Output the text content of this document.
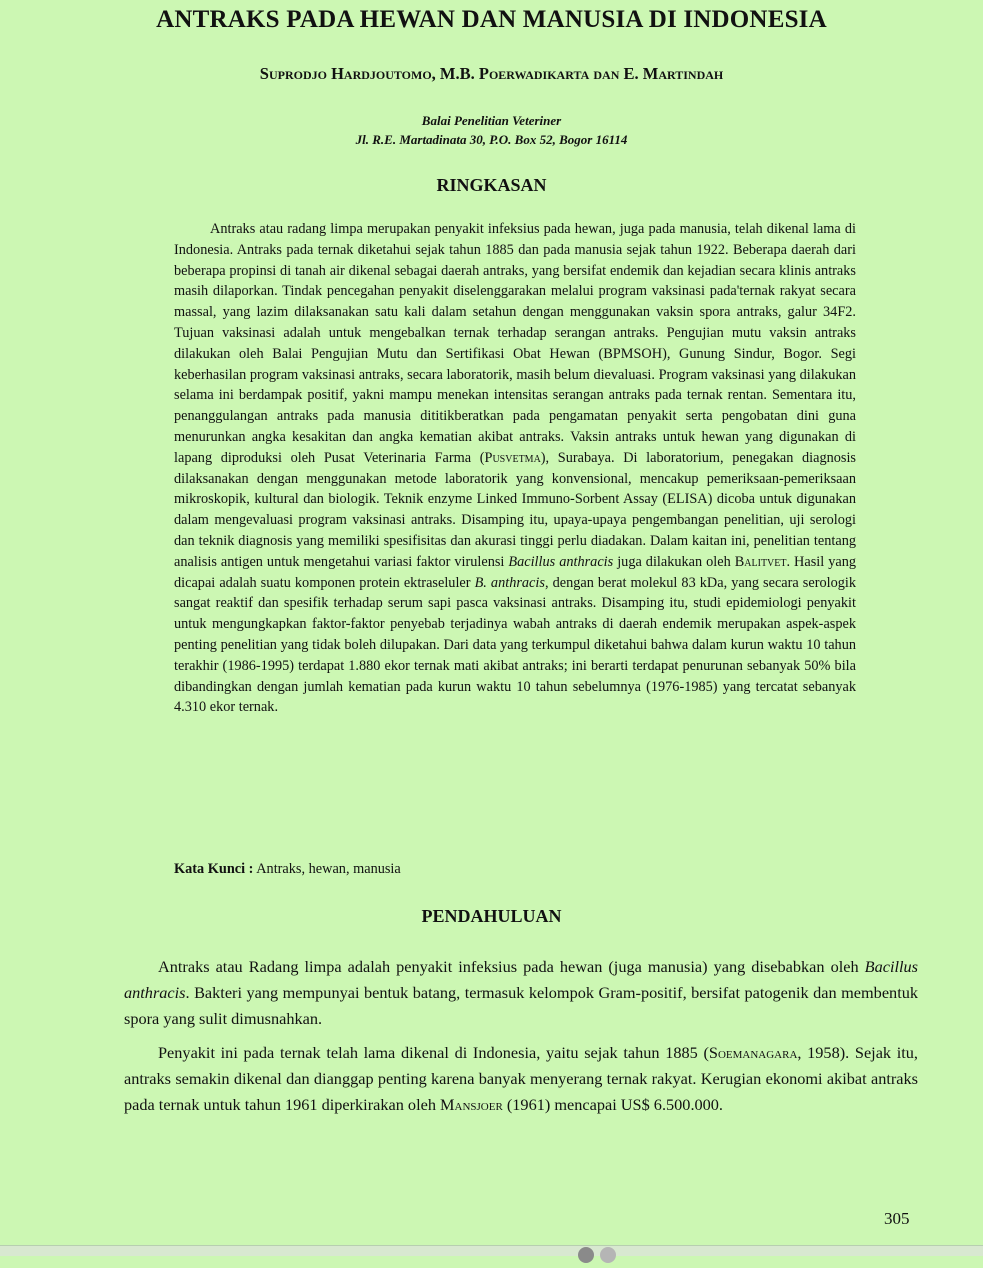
ANTRAKS PADA HEWAN DAN MANUSIA DI INDONESIA
Suprodjo Hardjoutomo, M.B. Poerwadikarta dan E. Martindah
Balai Penelitian Veteriner
Jl. R.E. Martadinata 30, P.O. Box 52, Bogor 16114
RINGKASAN

Antraks atau radang limpa merupakan penyakit infeksius pada hewan, juga pada manusia, telah dikenal lama di Indonesia. Antraks pada ternak diketahui sejak tahun 1885 dan pada manusia sejak tahun 1922. Beberapa daerah dari beberapa propinsi di tanah air dikenal sebagai daerah antraks, yang bersifat endemik dan kejadian secara klinis antraks masih dilaporkan. Tindak pencegahan penyakit diselenggarakan melalui program vaksinasi pada'ternak rakyat secara massal, yang lazim dilaksanakan satu kali dalam setahun dengan menggunakan vaksin spora antraks, galur 34F2. Tujuan vaksinasi adalah untuk mengebalkan ternak terhadap serangan antraks. Pengujian mutu vaksin antraks dilakukan oleh Balai Pengujian Mutu dan Sertifikasi Obat Hewan (BPMSOH), Gunung Sindur, Bogor. Segi keberhasilan program vaksinasi antraks, secara laboratorik, masih belum dievaluasi. Program vaksinasi yang dilakukan selama ini berdampak positif, yakni mampu menekan intensitas serangan antraks pada ternak rentan. Sementara itu, penanggulangan antraks pada manusia dititikberatkan pada pengamatan penyakit serta pengobatan dini guna menurunkan angka kesakitan dan angka kematian akibat antraks. Vaksin antraks untuk hewan yang digunakan di lapang diproduksi oleh Pusat Veterinaria Farma (Pusvetma), Surabaya. Di laboratorium, penegakan diagnosis dilaksanakan dengan menggunakan metode laboratorik yang konvensional, mencakup pemeriksaan-pemeriksaan mikroskopik, kultural dan biologik. Teknik enzyme Linked Immuno-Sorbent Assay (ELISA) dicoba untuk digunakan dalam mengevaluasi program vaksinasi antraks. Disamping itu, upaya-upaya pengembangan penelitian, uji serologi dan teknik diagnosis yang memiliki spesifisitas dan akurasi tinggi perlu diadakan. Dalam kaitan ini, penelitian tentang analisis antigen untuk mengetahui variasi faktor virulensi Bacillus anthracis juga dilakukan oleh Balitvet. Hasil yang dicapai adalah suatu komponen protein ektraseluler B. anthracis, dengan berat molekul 83 kDa, yang secara serologik sangat reaktif dan spesifik terhadap serum sapi pasca vaksinasi antraks. Disamping itu, studi epidemiologi penyakit untuk mengungkapkan faktor-faktor penyebab terjadinya wabah antraks di daerah endemik merupakan aspek-aspek penting penelitian yang tidak boleh dilupakan. Dari data yang terkumpul diketahui bahwa dalam kurun waktu 10 tahun terakhir (1986-1995) terdapat 1.880 ekor ternak mati akibat antraks; ini berarti terdapat penurunan sebanyak 50% bila dibandingkan dengan jumlah kematian pada kurun waktu 10 tahun sebelumnya (1976-1985) yang tercatat sebanyak 4.310 ekor ternak.

Kata Kunci : Antraks, hewan, manusia

PENDAHULUAN

Antraks atau Radang limpa adalah penyakit infeksius pada hewan (juga manusia) yang disebabkan oleh Bacillus anthracis. Bakteri yang mempunyai bentuk batang, termasuk kelompok Gram-positif, bersifat patogenik dan membentuk spora yang sulit dimusnahkan.

Penyakit ini pada ternak telah lama dikenal di Indonesia, yaitu sejak tahun 1885 (Soemanagara, 1958). Sejak itu, antraks semakin dikenal dan dianggap penting karena banyak menyerang ternak rakyat. Kerugian ekonomi akibat antraks pada ternak untuk tahun 1961 diperkirakan oleh Mansjoer (1961) mencapai US$ 6.500.000.

305
